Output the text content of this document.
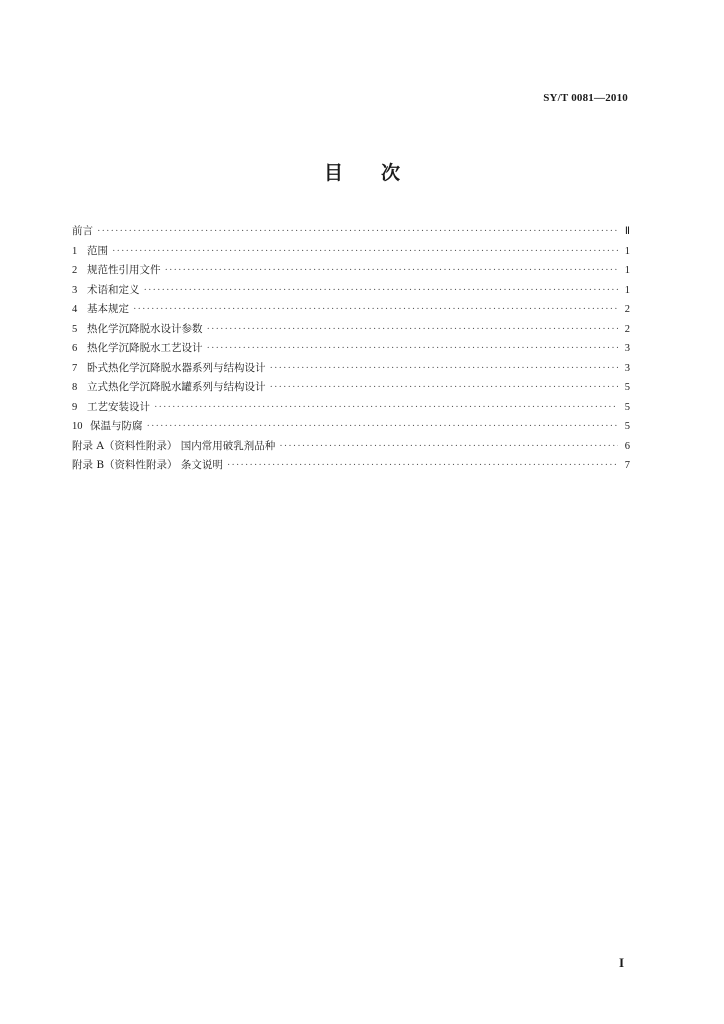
SY/T 0081—2010
目 次
前言 ·····	Ⅱ
1 范围 ·····	1
2 规范性引用文件 ·····	1
3 术语和定义 ·····	1
4 基本规定 ·····	2
5 热化学沉降脱水设计参数 ·····	2
6 热化学沉降脱水工艺设计 ·····	3
7 卧式热化学沉降脱水器系列与结构设计 ·····	3
8 立式热化学沉降脱水罐系列与结构设计 ·····	5
9 工艺安装设计 ·····	5
10 保温与防腐 ·····	5
附录 A（资料性附录） 国内常用破乳剂品种 ·····	6
附录 B（资料性附录） 条文说明 ·····	7
I
